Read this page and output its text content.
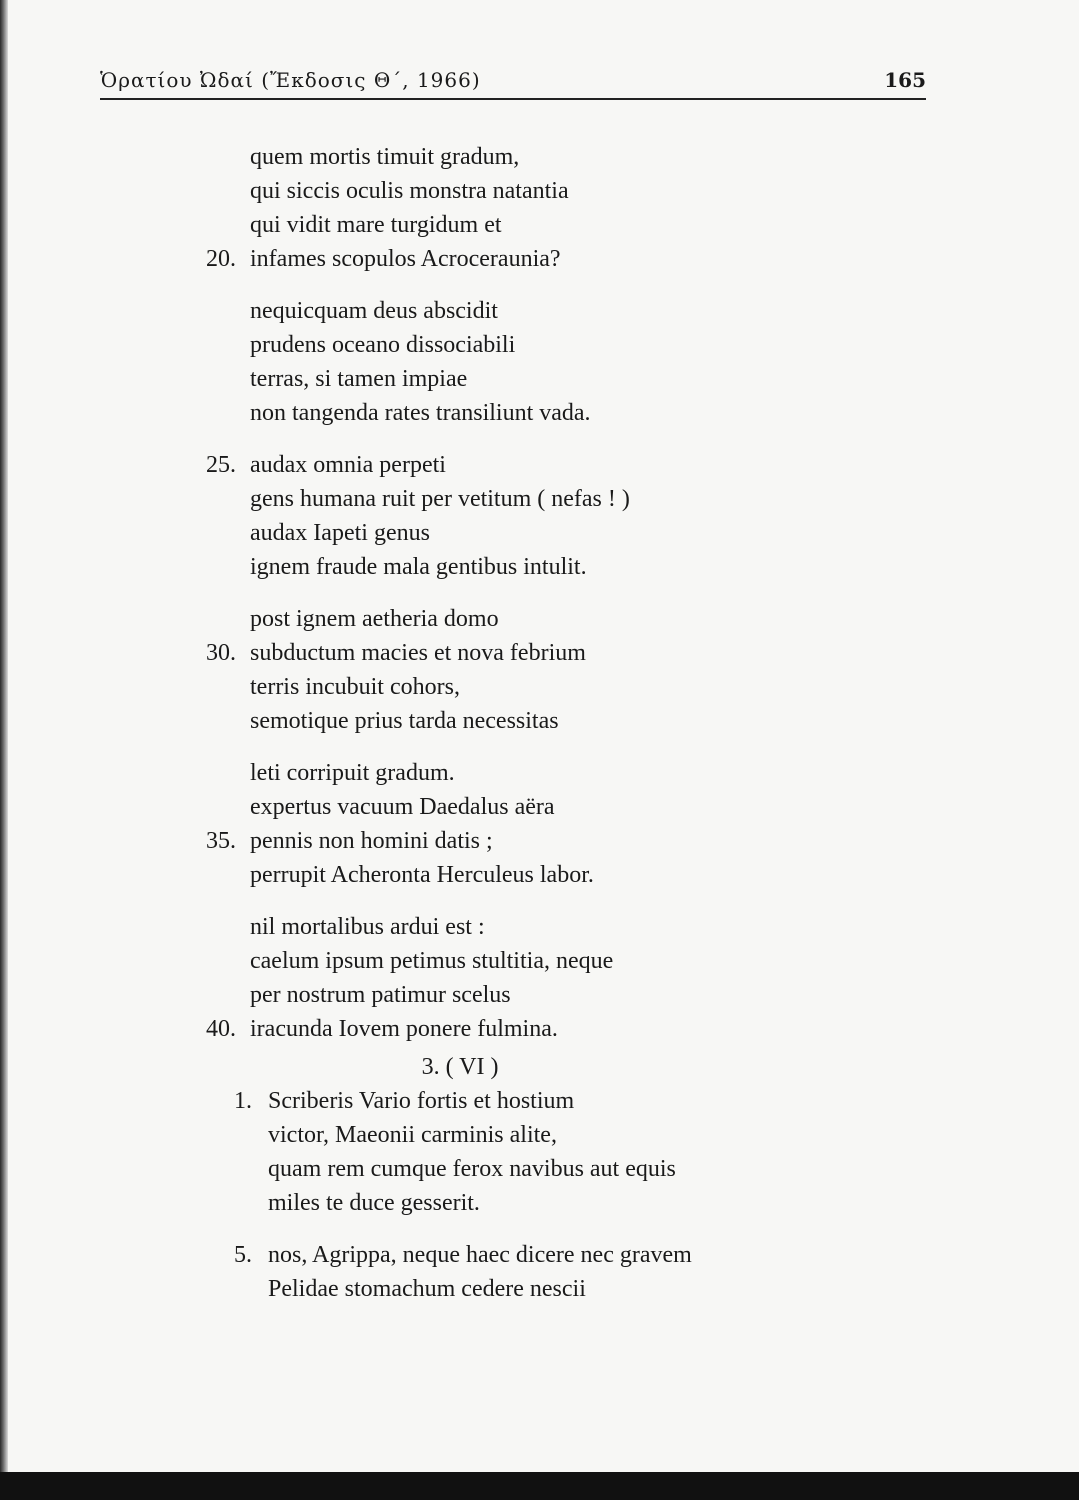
Ὁρατίου Ὠδαί (Ἔκδοσις Θ΄, 1966)	165
quem mortis timuit gradum,
qui siccis oculis monstra natantia
qui vidit mare turgidum et
20. infames scopulos Acroceraunia?
nequicquam deus abscidit
prudens oceano dissociabili
terras, si tamen impiae
non tangenda rates transiliunt vada.
25. audax omnia perpeti
gens humana ruit per vetitum ( nefas ! )
audax Iapeti genus
ignem fraude mala gentibus intulit.
post ignem aetheria domo
30. subductum macies et nova febrium
terris incubuit cohors,
semotique prius tarda necessitas
leti corripuit gradum.
expertus vacuum Daedalus aëra
35. pennis non homini datis ;
perrupit Acheronta Herculeus labor.
nil mortalibus ardui est :
caelum ipsum petimus stultitia, neque
per nostrum patimur scelus
40. iracunda Iovem ponere fulmina.
3. ( VI )
1. Scriberis Vario fortis et hostium
victor, Maeonii carminis alite,
quam rem cumque ferox navibus aut equis
miles te duce gesserit.
5. nos, Agrippa, neque haec dicere nec gravem
Pelidae stomachum cedere nescii
